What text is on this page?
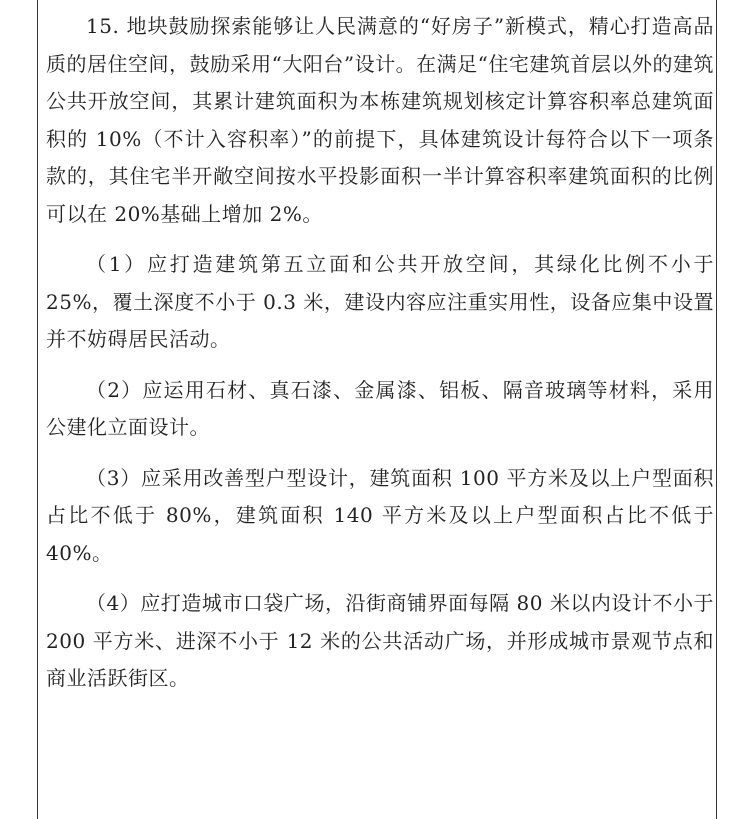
15. 地块鼓励探索能够让人民满意的“好房子”新模式，精心打造高品质的居住空间，鼓励采用“大阳台”设计。在满足“住宅建筑首层以外的建筑公共开放空间，其累计建筑面积为本栋建筑规划核定计算容积率总建筑面积的 10%（不计入容积率）”的前提下，具体建筑设计每符合以下一项条款的，其住宅半开敞空间按水平投影面积一半计算容积率建筑面积的比例可以在 20%基础上增加 2%。

（1）应打造建筑第五立面和公共开放空间，其绿化比例不小于 25%，覆土深度不小于 0.3 米，建设内容应注重实用性，设备应集中设置并不妨碍居民活动。

（2）应运用石材、真石漆、金属漆、铝板、隔音玻璃等材料，采用公建化立面设计。

（3）应采用改善型户型设计，建筑面积 100 平方米及以上户型面积占比不低于 80%，建筑面积 140 平方米及以上户型面积占比不低于 40%。

（4）应打造城市口袋广场，沿街商铺界面每隔 80 米以内设计不小于 200 平方米、进深不小于 12 米的公共活动广场，并形成城市景观节点和商业活跃街区。
